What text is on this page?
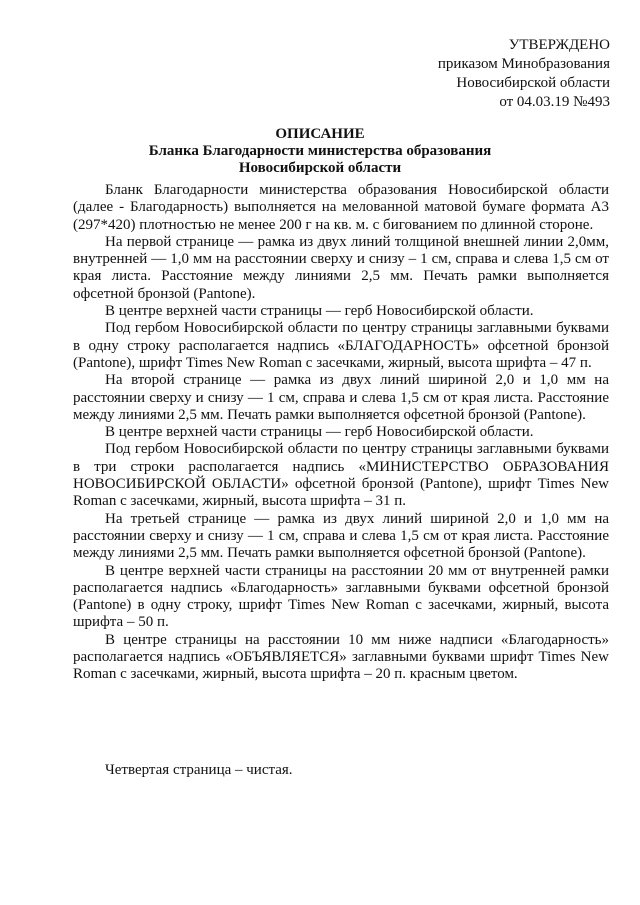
УТВЕРЖДЕНО
приказом Минобразования
Новосибирской области
от 04.03.19 №493
ОПИСАНИЕ
Бланка Благодарности министерства образования
Новосибирской области

Бланк Благодарности министерства образования Новосибирской области (далее - Благодарность) выполняется на мелованной матовой бумаге формата А3 (297*420) плотностью не менее 200 г на кв. м. с бигованием по длинной стороне.

На первой странице — рамка из двух линий толщиной внешней линии 2,0мм, внутренней — 1,0 мм на расстоянии сверху и снизу – 1 см, справа и слева 1,5 см от края листа. Расстояние между линиями 2,5 мм. Печать рамки выполняется офсетной бронзой (Pantone).

В центре верхней части страницы — герб Новосибирской области.

Под гербом Новосибирской области по центру страницы заглавными буквами в одну строку располагается надпись «БЛАГОДАРНОСТЬ» офсетной бронзой (Pantone), шрифт Times New Roman с засечками, жирный, высота шрифта – 47 п.

На второй странице — рамка из двух линий шириной 2,0 и 1,0 мм на расстоянии сверху и снизу — 1 см, справа и слева 1,5 см от края листа. Расстояние между линиями 2,5 мм. Печать рамки выполняется офсетной бронзой (Pantone).

В центре верхней части страницы — герб Новосибирской области.

Под гербом Новосибирской области по центру страницы заглавными буквами в три строки располагается надпись «МИНИСТЕРСТВО ОБРАЗОВАНИЯ НОВОСИБИРСКОЙ ОБЛАСТИ» офсетной бронзой (Pantone), шрифт Times New Roman с засечками, жирный, высота шрифта – 31 п.

На третьей странице — рамка из двух линий шириной 2,0 и 1,0 мм на расстоянии сверху и снизу — 1 см, справа и слева 1,5 см от края листа. Расстояние между линиями 2,5 мм. Печать рамки выполняется офсетной бронзой (Pantone).

В центре верхней части страницы на расстоянии 20 мм от внутренней рамки располагается надпись «Благодарность» заглавными буквами офсетной бронзой (Pantone) в одну строку, шрифт Times New Roman с засечками, жирный, высота шрифта – 50 п.

В центре страницы на расстоянии 10 мм ниже надписи «Благодарность» располагается надпись «ОБЪЯВЛЯЕТСЯ» заглавными буквами шрифт Times New Roman с засечками, жирный, высота шрифта – 20 п. красным цветом.

Четвертая страница – чистая.
